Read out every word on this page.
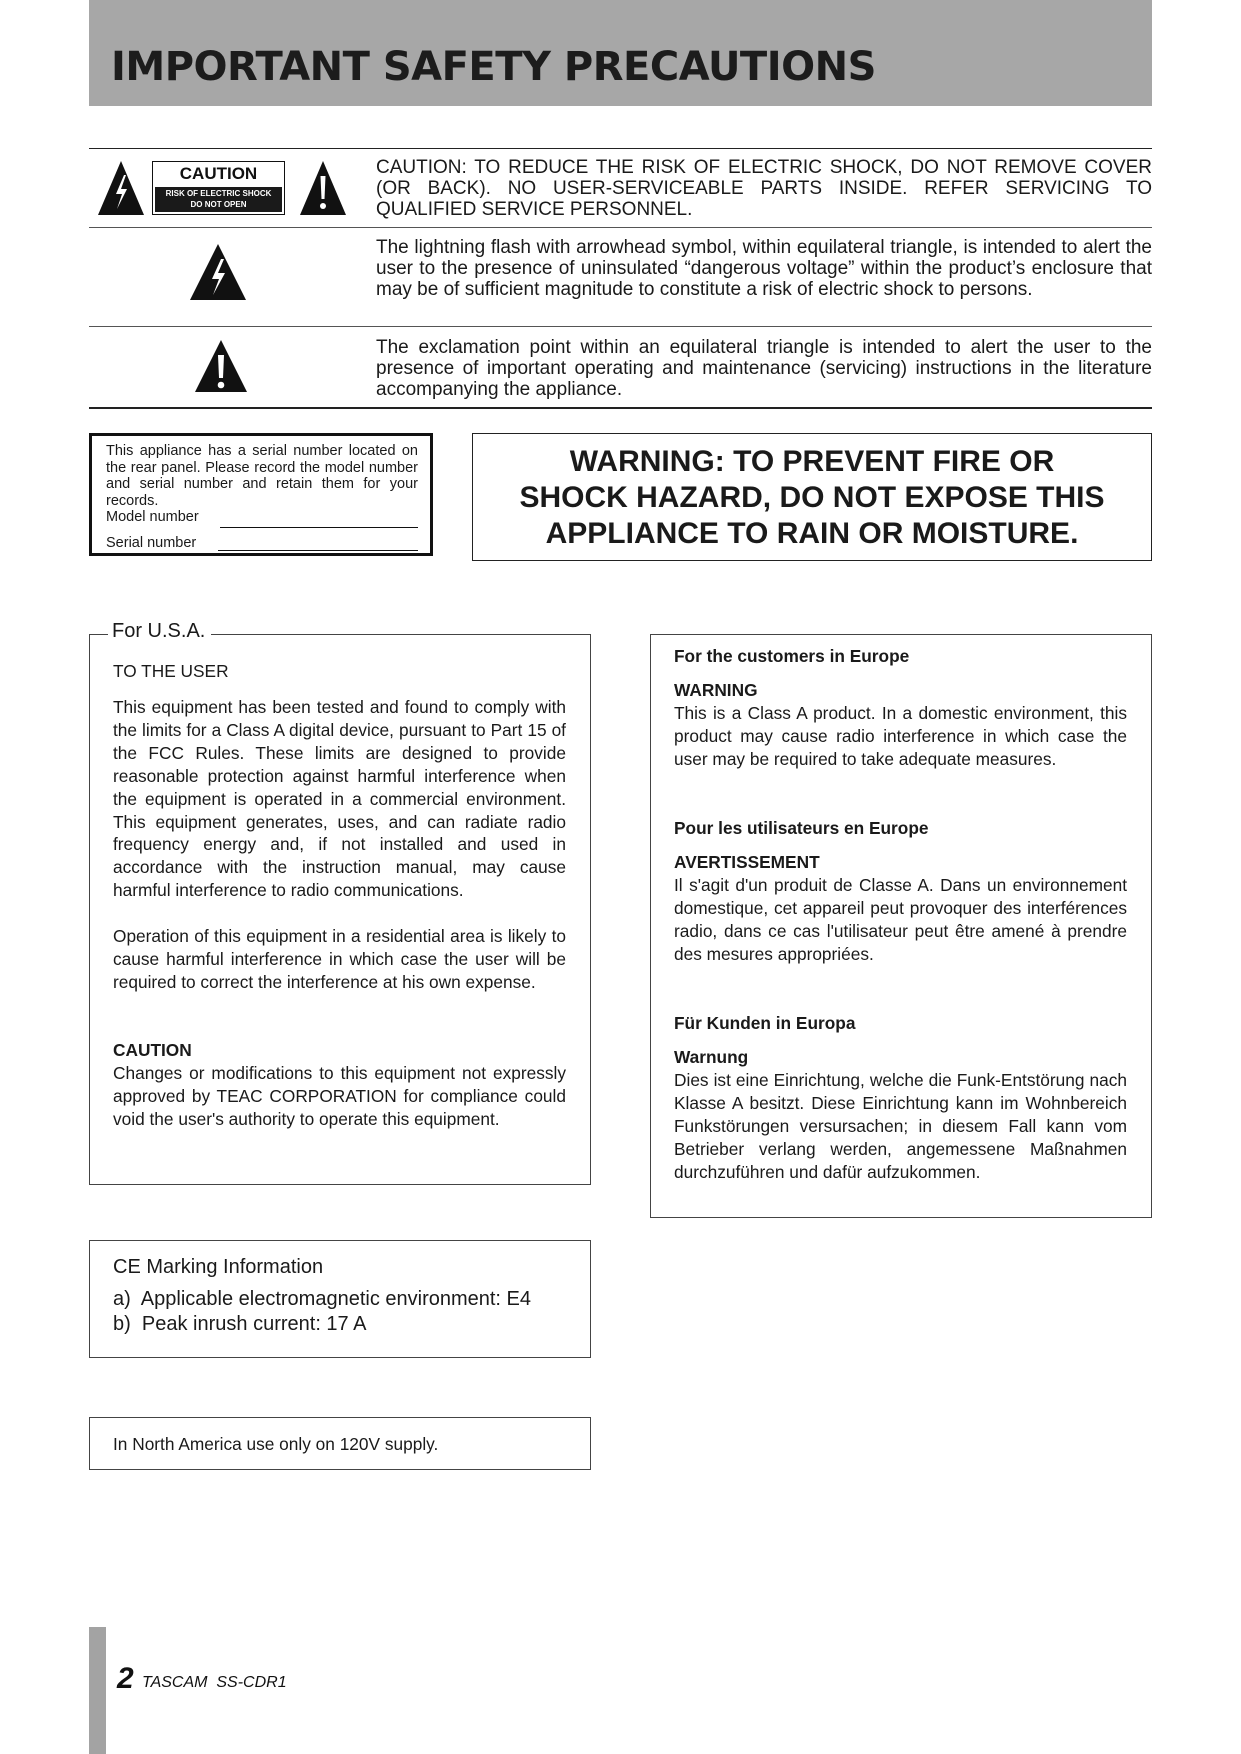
IMPORTANT SAFETY PRECAUTIONS
CAUTION
RISK OF ELECTRIC SHOCK
DO NOT OPEN
CAUTION: TO REDUCE THE RISK OF ELECTRIC SHOCK, DO NOT REMOVE COVER (OR BACK). NO USER-SERVICEABLE PARTS INSIDE. REFER SERVICING TO QUALIFIED SERVICE PERSONNEL.
The lightning flash with arrowhead symbol, within equilateral triangle, is intended to alert the user to the presence of uninsulated “dangerous voltage” within the product’s enclosure that may be of sufficient magnitude to constitute a risk of electric shock to persons.
The exclamation point within an equilateral triangle is intended to alert the user to the presence of important operating and maintenance (servicing) instructions in the literature accompanying the appliance.
This appliance has a serial number located on the rear panel. Please record the model number and serial number and retain them for your records.
Model number
Serial number
WARNING: TO PREVENT FIRE OR
SHOCK HAZARD, DO NOT EXPOSE THIS
APPLIANCE TO RAIN OR MOISTURE.
For U.S.A.
TO THE USER
This equipment has been tested and found to comply with the limits for a Class A digital device, pursuant to Part 15 of the FCC Rules. These limits are designed to provide reasonable protection against harmful interference when the equipment is operated in a commercial environment. This equipment generates, uses, and can radiate radio frequency energy and, if not installed and used in accordance with the instruction manual, may cause harmful interference to radio communications.
Operation of this equipment in a residential area is likely to cause harmful interference in which case the user will be required to correct the interference at his own expense.
CAUTION
Changes or modifications to this equipment not expressly approved by TEAC CORPORATION for compliance could void the user's authority to operate this equipment.
For the customers in Europe
WARNING
This is a Class A product. In a domestic environment, this product may cause radio interference in which case the user may be required to take adequate measures.
Pour les utilisateurs en Europe
AVERTISSEMENT
Il s'agit d'un produit de Classe A. Dans un environnement domestique, cet appareil peut provoquer des interférences radio, dans ce cas l'utilisateur peut être amené à prendre des mesures appropriées.
Für Kunden in Europa
Warnung
Dies ist eine Einrichtung, welche die Funk-Entstörung nach Klasse A besitzt. Diese Einrichtung kann im Wohnbereich Funkstörungen versursachen; in diesem Fall kann vom Betrieber verlang werden, angemessene Maßnahmen durchzuführen und dafür aufzukommen.
CE Marking Information
a)  Applicable electromagnetic environment: E4
b)  Peak inrush current: 17 A
In North America use only on 120V supply.
2 TASCAM  SS-CDR1
